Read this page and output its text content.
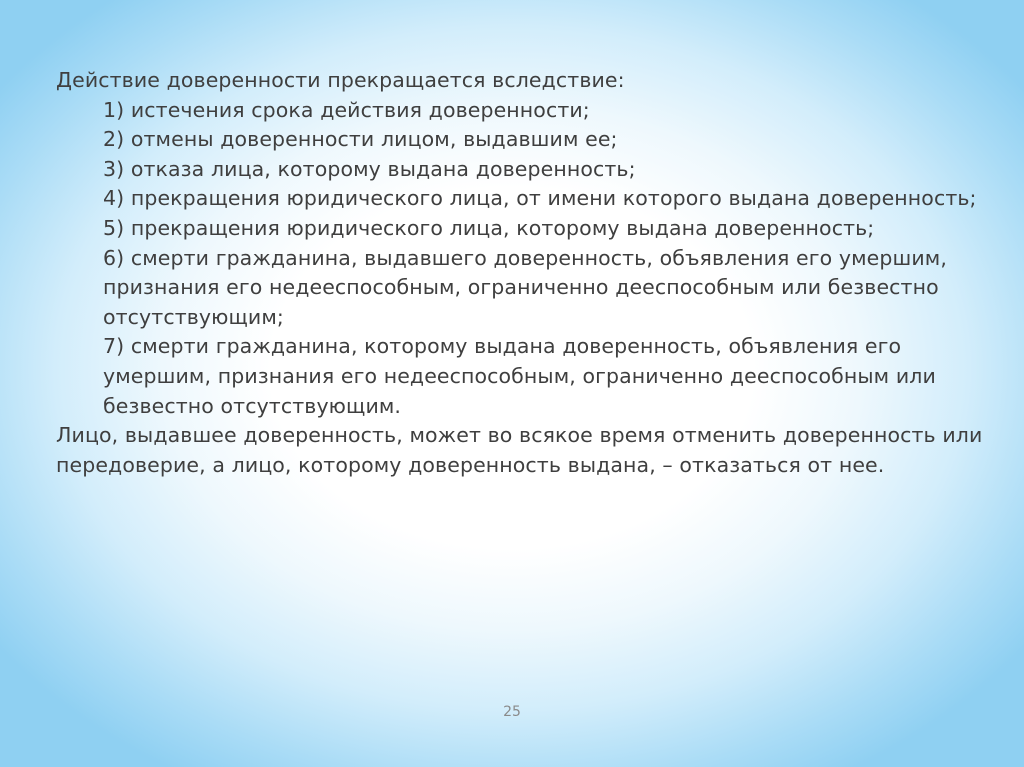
Действие доверенности прекращается вследствие:

1) истечения срока действия доверенности;

2) отмены доверенности лицом, выдавшим ее;

3) отказа лица, которому выдана доверенность;

4) прекращения юридического лица, от имени которого выдана доверенность;

5) прекращения юридического лица, которому выдана доверенность;

6) смерти гражданина, выдавшего доверенность, объявления его умершим, признания его недееспособным, ограниченно дееспособным или безвестно отсутствующим;

7) смерти гражданина, которому выдана доверенность, объявления его умершим, признания его недееспособным, ограниченно дееспособным или безвестно отсутствующим.

Лицо, выдавшее доверенность, может во всякое время отменить доверенность или передоверие, а лицо, которому доверенность выдана, – отказаться от нее.

25
